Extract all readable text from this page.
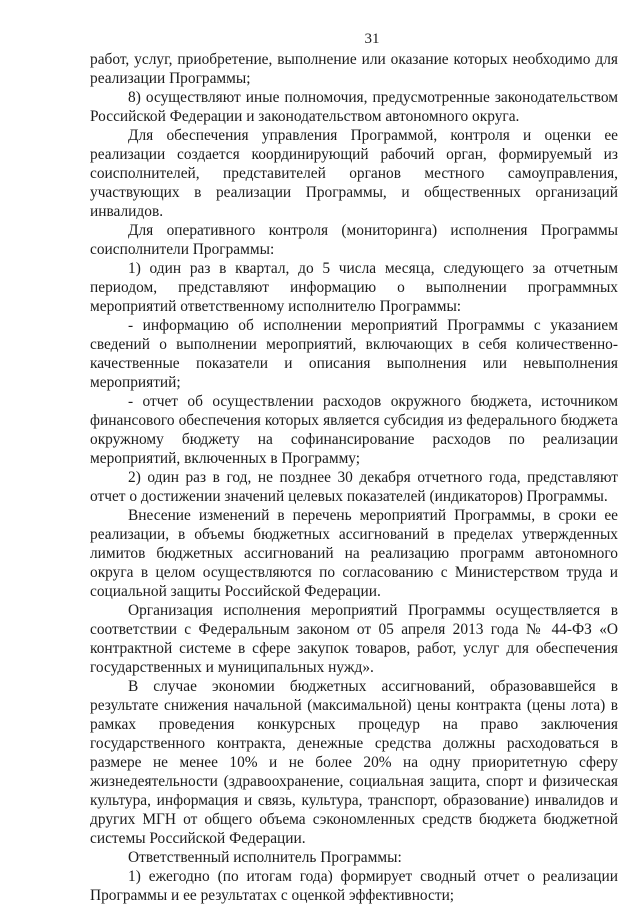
31

работ, услуг, приобретение, выполнение или оказание которых необходимо для реализации Программы;

8) осуществляют иные полномочия, предусмотренные законодательством Российской Федерации и законодательством автономного округа.

Для обеспечения управления Программой, контроля и оценки ее реализации создается координирующий рабочий орган, формируемый из соисполнителей, представителей органов местного самоуправления, участвующих в реализации Программы, и общественных организаций инвалидов.

Для оперативного контроля (мониторинга) исполнения Программы соисполнители Программы:

1) один раз в квартал, до 5 числа месяца, следующего за отчетным периодом, представляют информацию о выполнении программных мероприятий ответственному исполнителю Программы:

- информацию об исполнении мероприятий Программы с указанием сведений о выполнении мероприятий, включающих в себя количественно-качественные показатели и описания выполнения или невыполнения мероприятий;

- отчет об осуществлении расходов окружного бюджета, источником финансового обеспечения которых является субсидия из федерального бюджета окружному бюджету на софинансирование расходов по реализации мероприятий, включенных в Программу;

2) один раз в год, не позднее 30 декабря отчетного года, представляют отчет о достижении значений целевых показателей (индикаторов) Программы.

Внесение изменений в перечень мероприятий Программы, в сроки ее реализации, в объемы бюджетных ассигнований в пределах утвержденных лимитов бюджетных ассигнований на реализацию программ автономного округа в целом осуществляются по согласованию с Министерством труда и социальной защиты Российской Федерации.

Организация исполнения мероприятий Программы осуществляется в соответствии с Федеральным законом от 05 апреля 2013 года № 44-ФЗ «О контрактной системе в сфере закупок товаров, работ, услуг для обеспечения государственных и муниципальных нужд».

В случае экономии бюджетных ассигнований, образовавшейся в результате снижения начальной (максимальной) цены контракта (цены лота) в рамках проведения конкурсных процедур на право заключения государственного контракта, денежные средства должны расходоваться в размере не менее 10% и не более 20% на одну приоритетную сферу жизнедеятельности (здравоохранение, социальная защита, спорт и физическая культура, информация и связь, культура, транспорт, образование) инвалидов и других МГН от общего объема сэкономленных средств бюджета бюджетной системы Российской Федерации.

Ответственный исполнитель Программы:

1) ежегодно (по итогам года) формирует сводный отчет о реализации Программы и ее результатах с оценкой эффективности;
